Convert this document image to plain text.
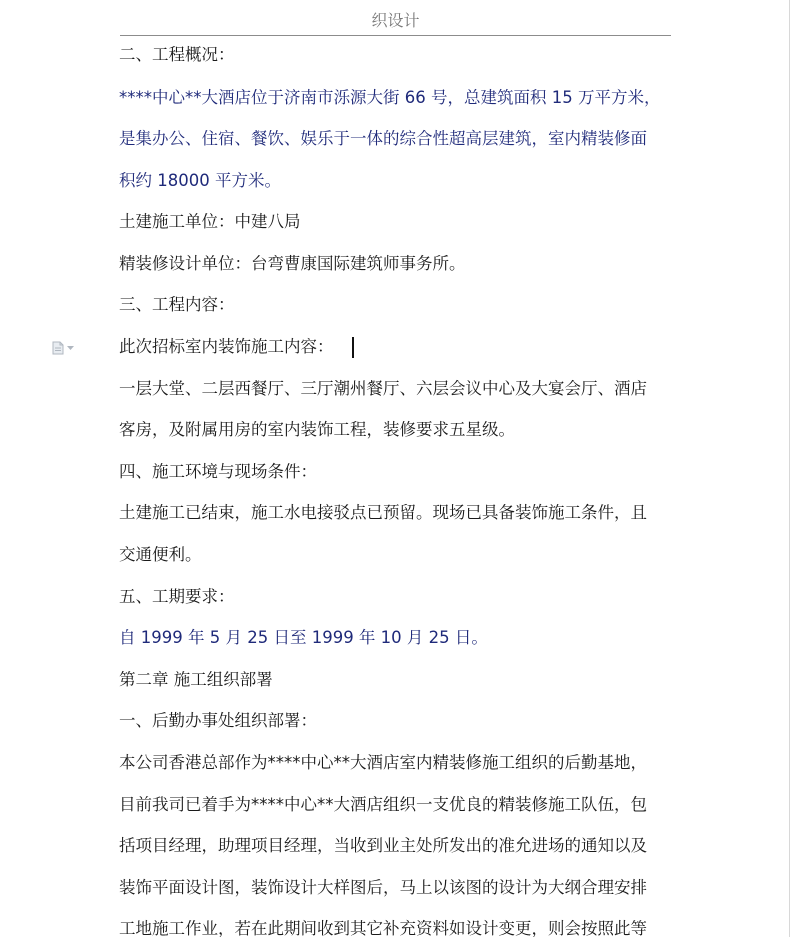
织设计
二、工程概况：
****中心**大酒店位于济南市泺源大街 66 号，总建筑面积 15 万平方米，
是集办公、住宿、餐饮、娱乐于一体的综合性超高层建筑，室内精装修面
积约 18000 平方米。
土建施工单位：中建八局
精装修设计单位：台弯曹康国际建筑师事务所。
三、工程内容：
此次招标室内装饰施工内容：
一层大堂、二层西餐厅、三厅潮州餐厅、六层会议中心及大宴会厅、酒店
客房，及附属用房的室内装饰工程，装修要求五星级。
四、施工环境与现场条件：
土建施工已结束，施工水电接驳点已预留。现场已具备装饰施工条件，且
交通便利。
五、工期要求：
自 1999 年 5 月 25 日至 1999 年 10 月 25 日。
第二章 施工组织部署
一、后勤办事处组织部署：
本公司香港总部作为****中心**大酒店室内精装修施工组织的后勤基地，
目前我司已着手为****中心**大酒店组织一支优良的精装修施工队伍，包
括项目经理，助理项目经理，当收到业主处所发出的准允进场的通知以及
装饰平面设计图，装饰设计大样图后，马上以该图的设计为大纲合理安排
工地施工作业，若在此期间收到其它补充资料如设计变更，则会按照此等
